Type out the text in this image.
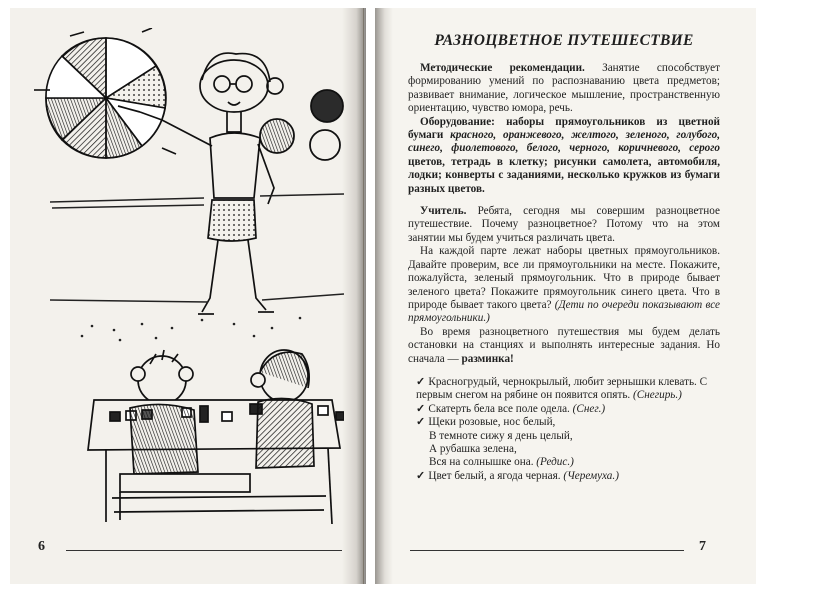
6	7
РАЗНОЦВЕТНОЕ ПУТЕШЕСТВИЕ

Методические рекомендации. Занятие способствует формированию умений по распознаванию цвета предметов; развивает внимание, логическое мышление, пространственную ориентацию, чувство юмора, речь.

Оборудование: наборы прямоугольников из цветной бумаги красного, оранжевого, желтого, зеленого, голубого, синего, фиолетового, белого, черного, коричневого, серого цветов, тетрадь в клетку; рисунки самолета, автомобиля, лодки; конверты с заданиями, несколько кружков из бумаги разных цветов.

Учитель. Ребята, сегодня мы совершим разноцветное путешествие. Почему разноцветное? Потому что на этом занятии мы будем учиться различать цвета.

На каждой парте лежат наборы цветных прямоугольников. Давайте проверим, все ли прямоугольники на месте. Покажите, пожалуйста, зеленый прямоугольник. Что в природе бывает зеленого цвета? Покажите прямоугольник синего цвета. Что в природе бывает такого цвета? (Дети по очереди показывают все прямоугольники.)

Во время разноцветного путешествия мы будем делать остановки на станциях и выполнять интересные задания. Но сначала — разминка!

✓ Красногрудый, чернокрылый, любит зернышки клевать. С первым снегом на рябине он появится опять. (Снегирь.)

✓ Скатерть бела все поле одела. (Снег.)

✓ Щеки розовые, нос белый,

В темноте сижу я день целый,

А рубашка зелена,

Вся на солнышке она. (Редис.)

✓ Цвет белый, а ягода черная. (Черемуха.)
